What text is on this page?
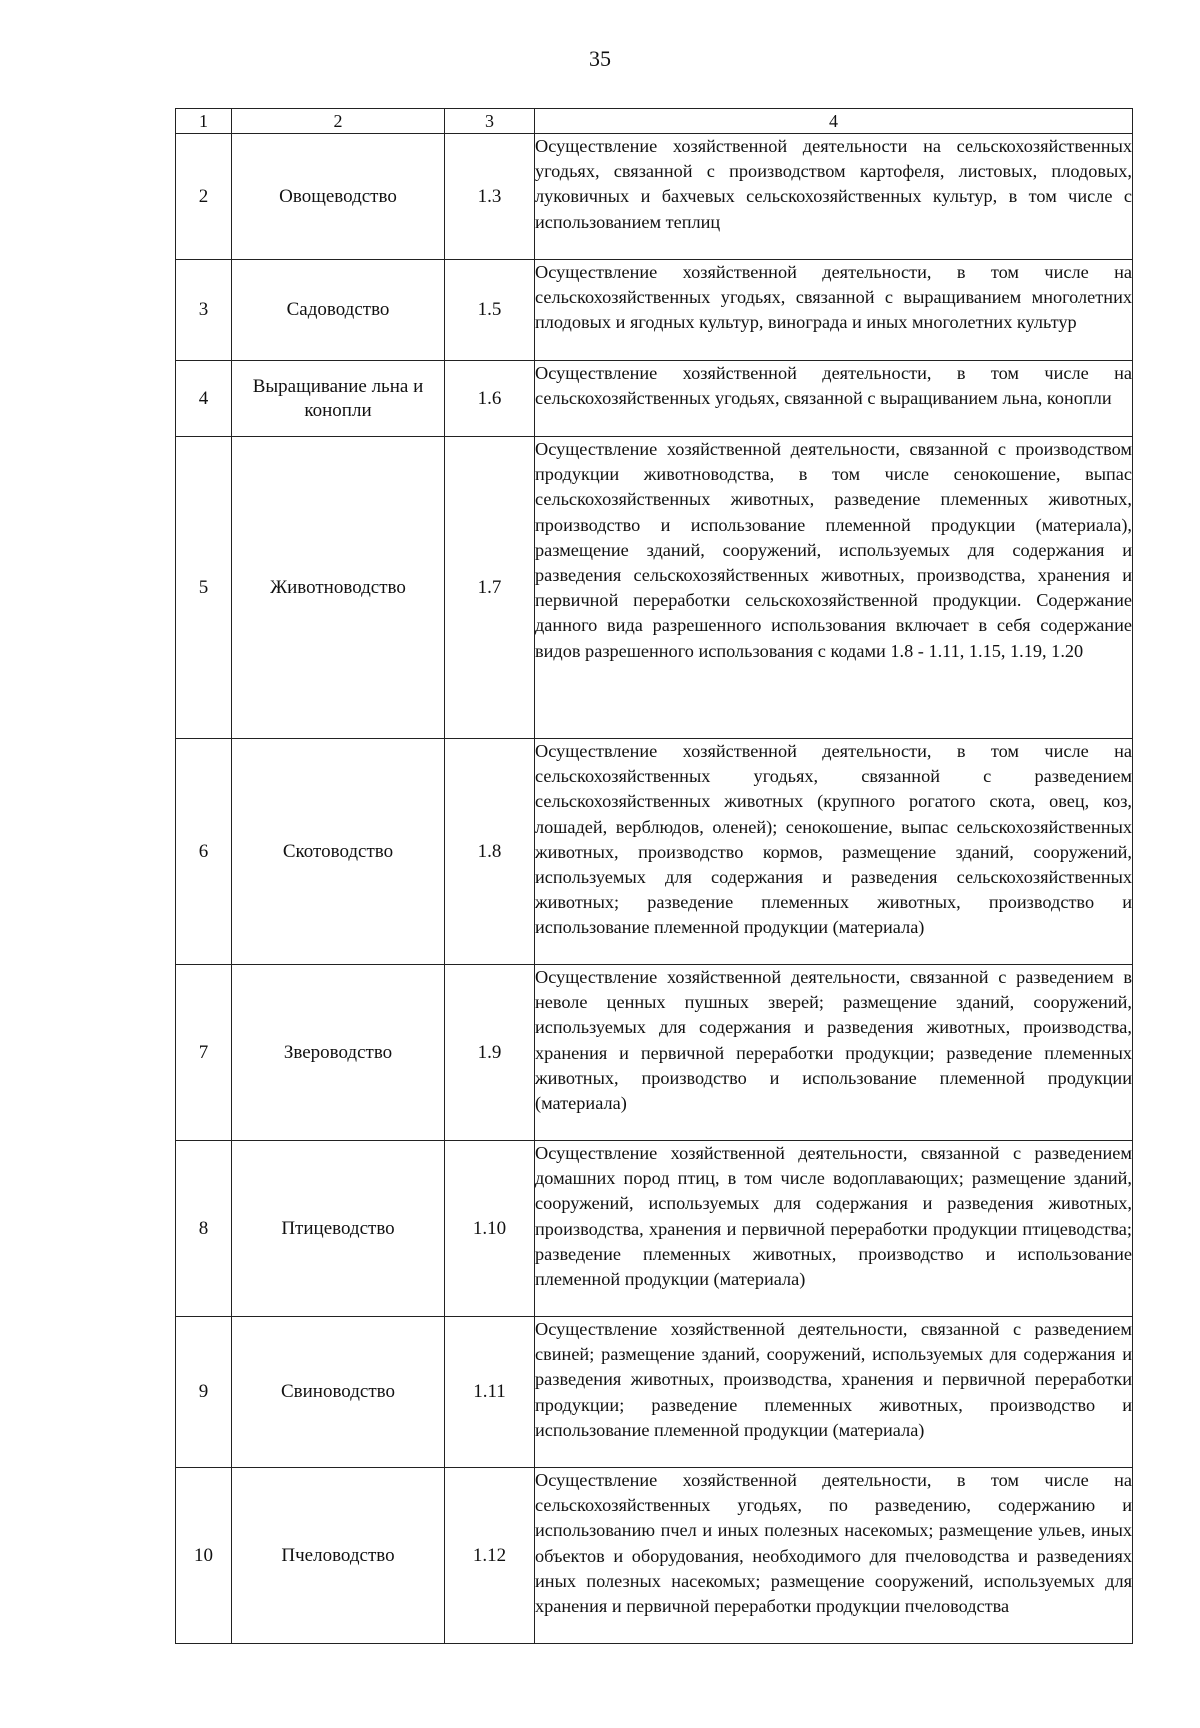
35
1	2	3	4
2	Овощеводство	1.3	Осуществление хозяйственной деятельности на сельскохозяйственных угодьях, связанной с производством картофеля, листовых, плодовых, луковичных и бахчевых сельскохозяйственных культур, в том числе с использованием теплиц
3	Садоводство	1.5	Осуществление хозяйственной деятельности, в том числе на сельскохозяйственных угодьях, связанной с выращиванием многолетних плодовых и ягодных культур, винограда и иных многолетних культур
4	Выращивание льна и конопли	1.6	Осуществление хозяйственной деятельности, в том числе на сельскохозяйственных угодьях, связанной с выращиванием льна, конопли
5	Животноводство	1.7	Осуществление хозяйственной деятельности, связанной с производством продукции животноводства, в том числе сенокошение, выпас сельскохозяйственных животных, разведение племенных животных, производство и использование племенной продукции (материала), размещение зданий, сооружений, используемых для содержания и разведения сельскохозяйственных животных, производства, хранения и первичной переработки сельскохозяйственной продукции. Содержание данного вида разрешенного использования включает в себя содержание видов разрешенного использования с кодами 1.8 - 1.11, 1.15, 1.19, 1.20
6	Скотоводство	1.8	Осуществление хозяйственной деятельности, в том числе на сельскохозяйственных угодьях, связанной с разведением сельскохозяйственных животных (крупного рогатого скота, овец, коз, лошадей, верблюдов, оленей); сенокошение, выпас сельскохозяйственных животных, производство кормов, размещение зданий, сооружений, используемых для содержания и разведения сельскохозяйственных животных; разведение племенных животных, производство и использование племенной продукции (материала)
7	Звероводство	1.9	Осуществление хозяйственной деятельности, связанной с разведением в неволе ценных пушных зверей; размещение зданий, сооружений, используемых для содержания и разведения животных, производства, хранения и первичной переработки продукции; разведение племенных животных, производство и использование племенной продукции (материала)
8	Птицеводство	1.10	Осуществление хозяйственной деятельности, связанной с разведением домашних пород птиц, в том числе водоплавающих; размещение зданий, сооружений, используемых для содержания и разведения животных, производства, хранения и первичной переработки продукции птицеводства; разведение племенных животных, производство и использование племенной продукции (материала)
9	Свиноводство	1.11	Осуществление хозяйственной деятельности, связанной с разведением свиней; размещение зданий, сооружений, используемых для содержания и разведения животных, производства, хранения и первичной переработки продукции; разведение племенных животных, производство и использование племенной продукции (материала)
10	Пчеловодство	1.12	Осуществление хозяйственной деятельности, в том числе на сельскохозяйственных угодьях, по разведению, содержанию и использованию пчел и иных полезных насекомых; размещение ульев, иных объектов и оборудования, необходимого для пчеловодства и разведениях иных полезных насекомых; размещение сооружений, используемых для хранения и первичной переработки продукции пчеловодства
